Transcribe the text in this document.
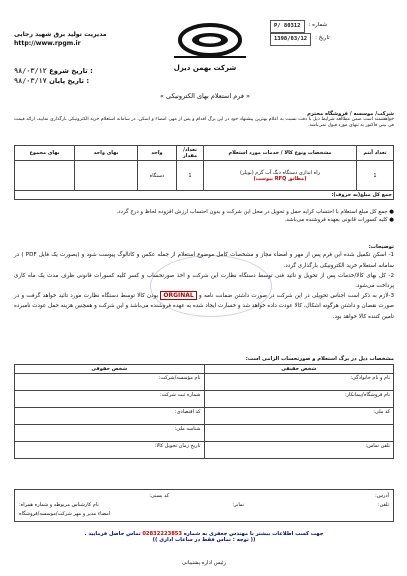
شرکت بهمن دیزل
شماره :
P/ 80312
تاریخ :
1398/03/12
مدیریت تولید برق شهید رجایی
http://www.rpgm.ir
۹۸/۰۳/۱۲ تاریخ شروع :
۹۸/۰۳/۱۷ تاریخ پایان :
« فرم استعلام بهای الکترونیکی »
شرکت/ موسسه / فروشگاه محترم
خواهشمند است ضمن مطالعه شرایط ذیل با دقت نسبت به اعلام بهترین پیشنهاد خود در این برگ اقدام و پس از مهر، امضاء و اسکن، در سامانه استعلام خرید الکترونیکی بارگذاری نمایید، ارائه قیمت فی بینی فاکتور به تنهای مورد قبول نمی‌باشد.
تعداد آیتم	مشخصات ونوع کالا / خدمات مورد استعلام	تعداد/ مقدار	واحد	بهای واحد	بهای مجموع
1	راه اندازی دستگاه دیگ آب گرم (بویلر)
(مطابق RFQ پیوست)	1	دستگاه		
جمع کل مبلغ(به حروف):					
● جمع کل مبلغ استعلام با احتساب کرایه حمل و تحویل در محل این شرکت و بدون احتساب ارزش افزوده لحاظ و درج گردد.
● کلیه کسورات قانونی بعهده فروشنده می‌باشد.
توضیحات:
1- اسکن تکمیل شده این فرم پس از مهر و امضاء مجاز و مشخصات کامل موضوع استعلام از جمله عکس و کاتالوگ پیوست شود و (بصورت یک فایل PDF ) در سامانه استعلام خرید الکترونیکی بارگذاری گردد.
2- کل بهای کالا/خدمات پس از تحویل و تائید فنی توسط دستگاه نظارت این شرکت و اخذ صورتحساب و کسر کلیه کسورات قانونی ظرف مدت یک ماه کاری پرداخت می‌شود.
3-لازم به ذکر است اجناس تحویلی در این شرکت در صورت داشتن ضمانت نامه و ORGINAL بودن کالا توسط دستگاه نظارت مورد تائید خواهد گرفت و در صورت نقصان و داشتن هرگونه اشکال، کالا عودت داده خواهد شد و خسارت ایجاد شده به عهده فروشنده می‌باشد و این شرکت و همچنین هزینه حمل عودت نامبرده تامین کننده کالا خواهد بود.
مشخصات ذیل در برگ استعلام و صورتحساب الزامی است:
شخص حقیقی	شخص حقوقی
نام و نام خانوادگی:	نام مؤسسه/شرکت:
نام فروشگاه/پیمانکار:	شماره ثبت شرکت:
کد ملی:	کد اقتصادی:
	شناسه ملی:
تلفن تماس:	تاریخ زمان تحویل کالا:
آدرس:
کد پستی:
تلفن:
نمابر:
نام کارشناس مربوطه و شماره همراه:
امضاء مدیر و مهر شرکت/موسسه/فروشگاه
جهت کسب اطلاعات بیشتر با مهندس جعفری به شماره 02832223853 تماس حاصل فرمایید .
(( توجه : تماس فقط در ساعات اداری ))
رئیس اداره پشتیبانی
